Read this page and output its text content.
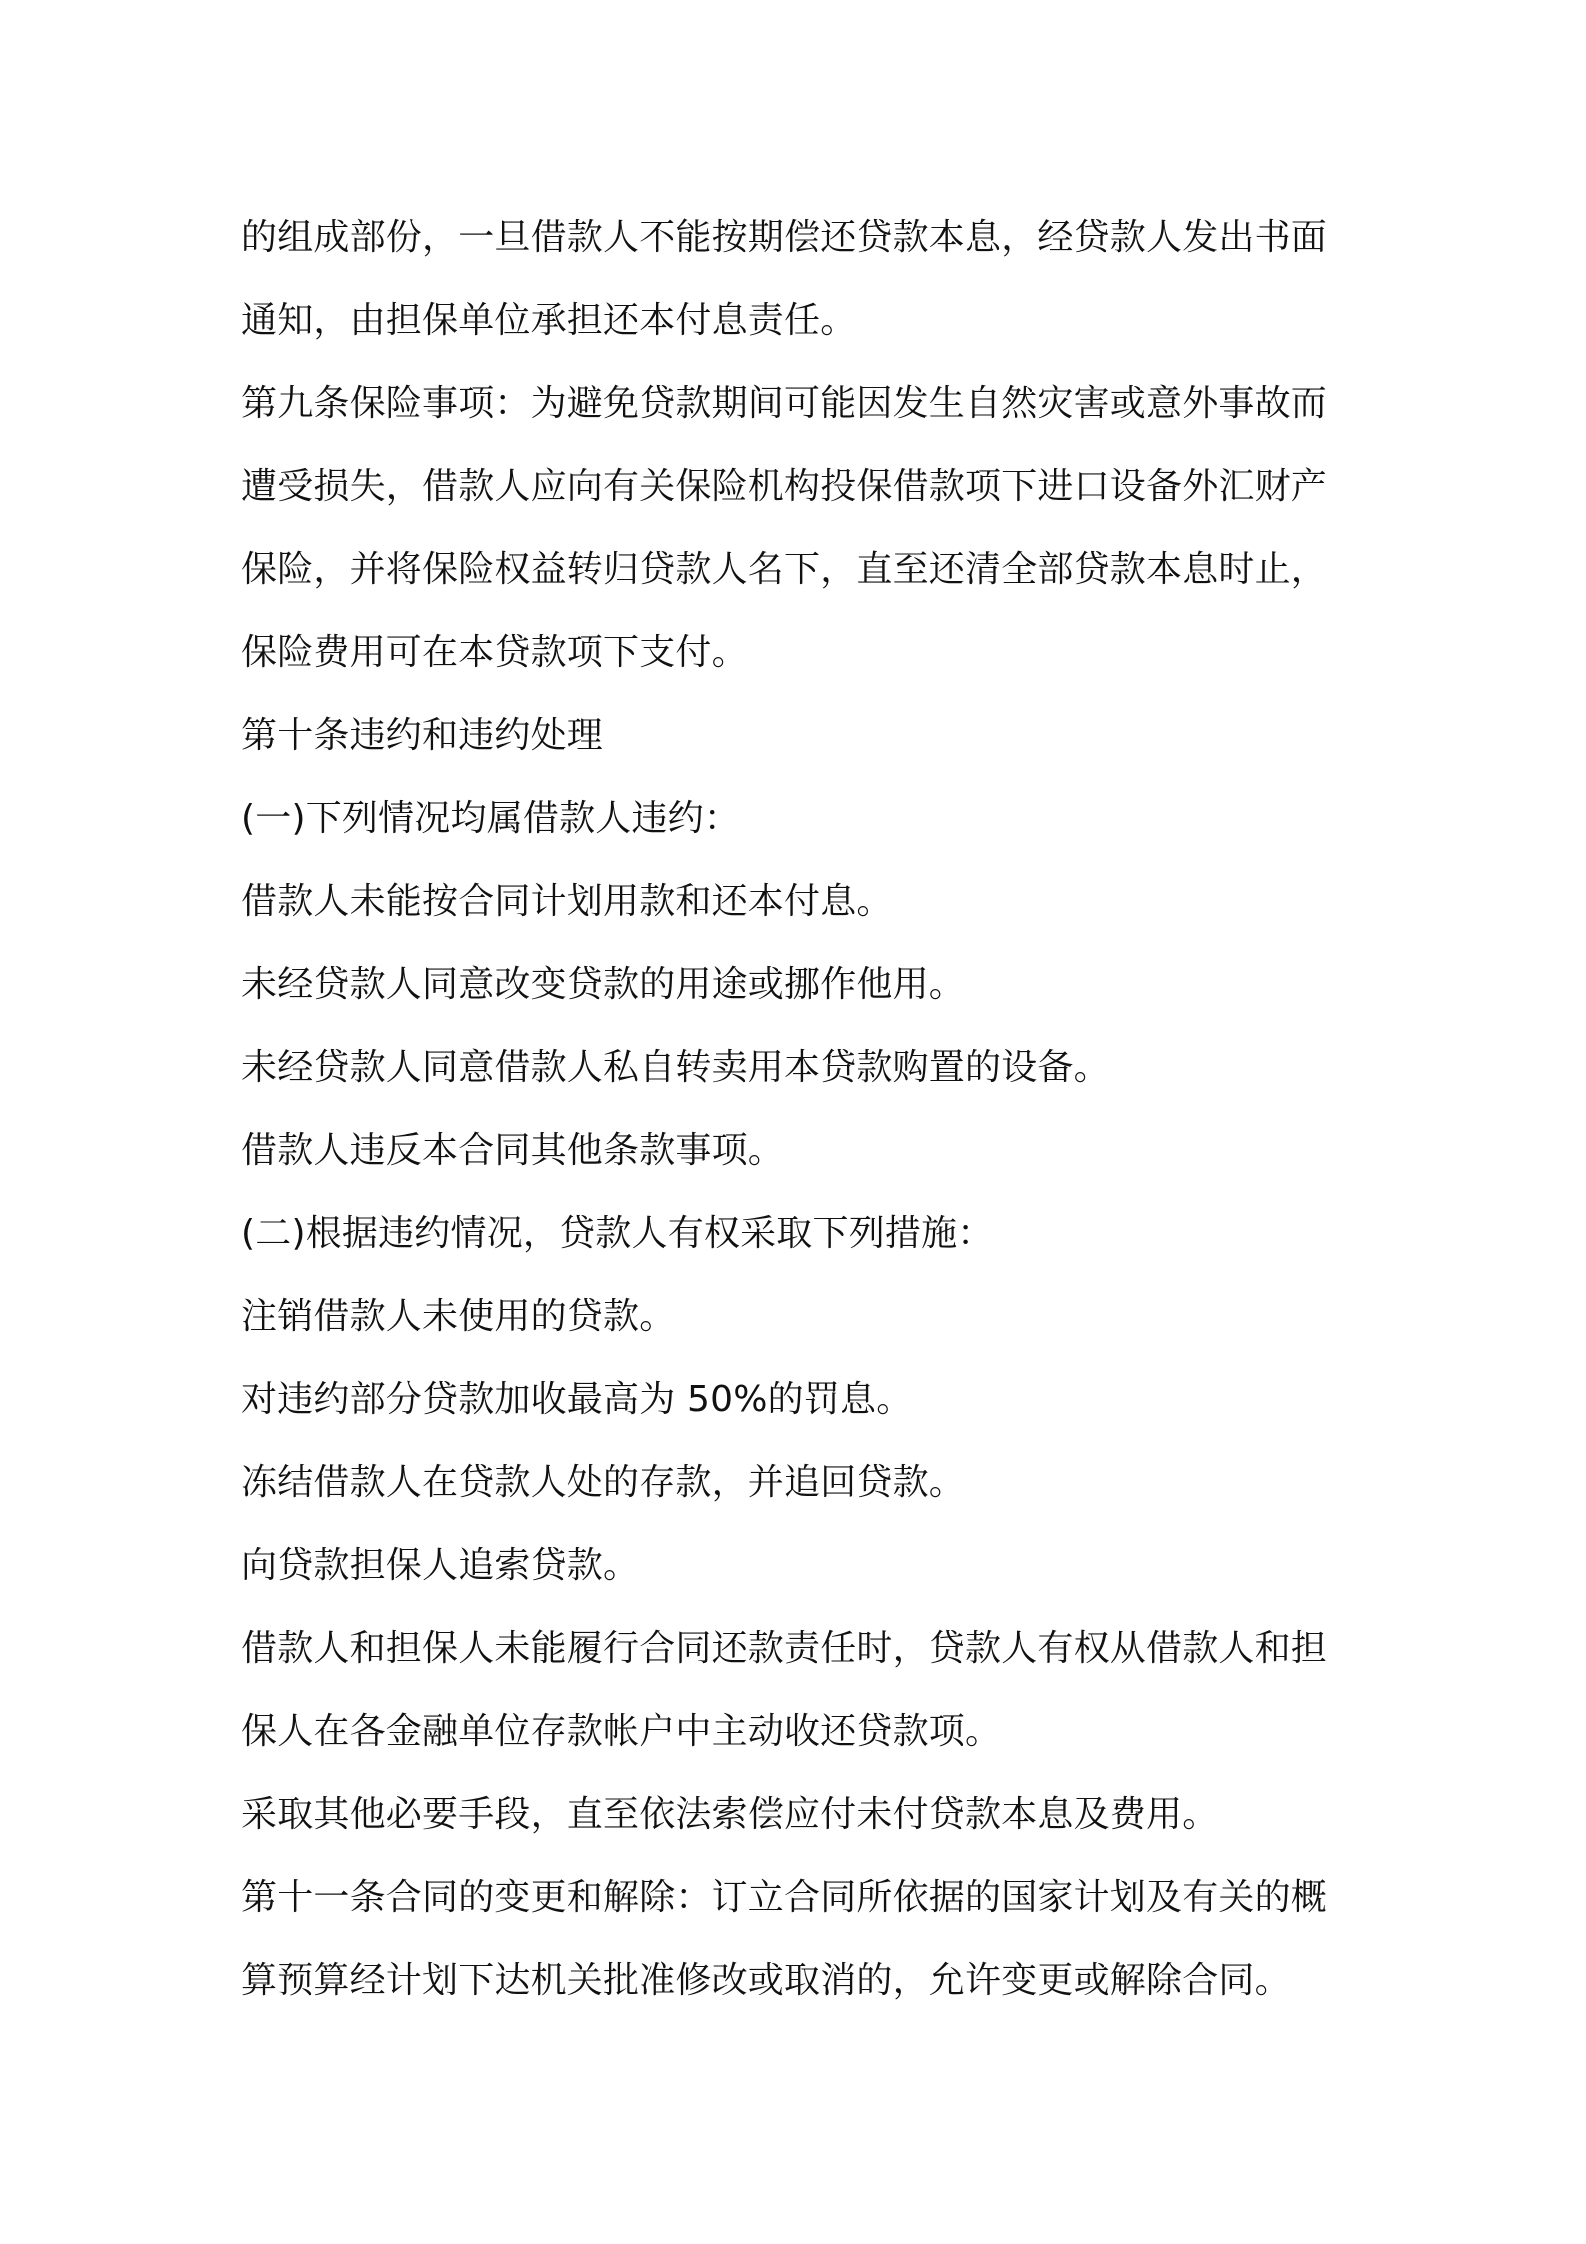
的组成部份，一旦借款人不能按期偿还贷款本息，经贷款人发出书面
通知，由担保单位承担还本付息责任。
第九条保险事项：为避免贷款期间可能因发生自然灾害或意外事故而
遭受损失，借款人应向有关保险机构投保借款项下进口设备外汇财产
保险，并将保险权益转归贷款人名下，直至还清全部贷款本息时止，
保险费用可在本贷款项下支付。
第十条违约和违约处理
(一)下列情况均属借款人违约：
借款人未能按合同计划用款和还本付息。
未经贷款人同意改变贷款的用途或挪作他用。
未经贷款人同意借款人私自转卖用本贷款购置的设备。
借款人违反本合同其他条款事项。
(二)根据违约情况，贷款人有权采取下列措施：
注销借款人未使用的贷款。
对违约部分贷款加收最高为 50%的罚息。
冻结借款人在贷款人处的存款，并追回贷款。
向贷款担保人追索贷款。
借款人和担保人未能履行合同还款责任时，贷款人有权从借款人和担
保人在各金融单位存款帐户中主动收还贷款项。
采取其他必要手段，直至依法索偿应付未付贷款本息及费用。
第十一条合同的变更和解除：订立合同所依据的国家计划及有关的概
算预算经计划下达机关批准修改或取消的，允许变更或解除合同。
